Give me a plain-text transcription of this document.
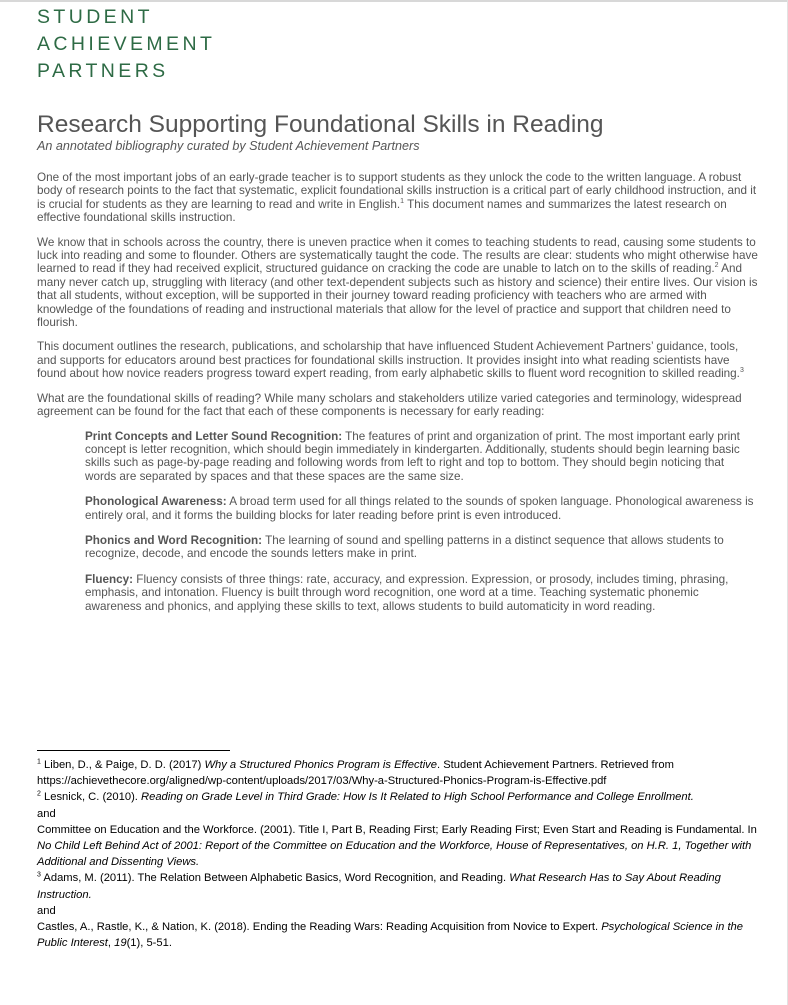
STUDENT
ACHIEVEMENT
PARTNERS
Research Supporting Foundational Skills in Reading
An annotated bibliography curated by Student Achievement Partners

One of the most important jobs of an early-grade teacher is to support students as they unlock the code to the written language. A robust body of research points to the fact that systematic, explicit foundational skills instruction is a critical part of early childhood instruction, and it is crucial for students as they are learning to read and write in English.$^1$ This document names and summarizes the latest research on effective foundational skills instruction.

We know that in schools across the country, there is uneven practice when it comes to teaching students to read, causing some students to luck into reading and some to flounder. Others are systematically taught the code. The results are clear: students who might otherwise have learned to read if they had received explicit, structured guidance on cracking the code are unable to latch on to the skills of reading.$^2$ And many never catch up, struggling with literacy (and other text-dependent subjects such as history and science) their entire lives. Our vision is that all students, without exception, will be supported in their journey toward reading proficiency with teachers who are armed with knowledge of the foundations of reading and instructional materials that allow for the level of practice and support that children need to flourish.

This document outlines the research, publications, and scholarship that have influenced Student Achievement Partners’ guidance, tools, and supports for educators around best practices for foundational skills instruction. It provides insight into what reading scientists have found about how novice readers progress toward expert reading, from early alphabetic skills to fluent word recognition to skilled reading.$^3$

What are the foundational skills of reading? While many scholars and stakeholders utilize varied categories and terminology, widespread agreement can be found for the fact that each of these components is necessary for early reading:

Print Concepts and Letter Sound Recognition: The features of print and organization of print. The most important early print concept is letter recognition, which should begin immediately in kindergarten. Additionally, students should begin learning basic skills such as page-by-page reading and following words from left to right and top to bottom. They should begin noticing that words are separated by spaces and that these spaces are the same size.

Phonological Awareness: A broad term used for all things related to the sounds of spoken language. Phonological awareness is entirely oral, and it forms the building blocks for later reading before print is even introduced.

Phonics and Word Recognition: The learning of sound and spelling patterns in a distinct sequence that allows students to recognize, decode, and encode the sounds letters make in print.

Fluency: Fluency consists of three things: rate, accuracy, and expression. Expression, or prosody, includes timing, phrasing, emphasis, and intonation. Fluency is built through word recognition, one word at a time. Teaching systematic phonemic awareness and phonics, and applying these skills to text, allows students to build automaticity in word reading.

$^1$ Liben, D., & Paige, D. D. (2017) Why a Structured Phonics Program is Effective. Student Achievement Partners. Retrieved from https://achievethecore.org/aligned/wp-content/uploads/2017/03/Why-a-Structured-Phonics-Program-is-Effective.pdf

$^2$ Lesnick, C. (2010). Reading on Grade Level in Third Grade: How Is It Related to High School Performance and College Enrollment.

and

Committee on Education and the Workforce. (2001). Title I, Part B, Reading First; Early Reading First; Even Start and Reading is Fundamental. In No Child Left Behind Act of 2001: Report of the Committee on Education and the Workforce, House of Representatives, on H.R. 1, Together with Additional and Dissenting Views.

$^3$ Adams, M. (2011). The Relation Between Alphabetic Basics, Word Recognition, and Reading. What Research Has to Say About Reading Instruction.

and

Castles, A., Rastle, K., & Nation, K. (2018). Ending the Reading Wars: Reading Acquisition from Novice to Expert. Psychological Science in the Public Interest, 19(1), 5-51.
